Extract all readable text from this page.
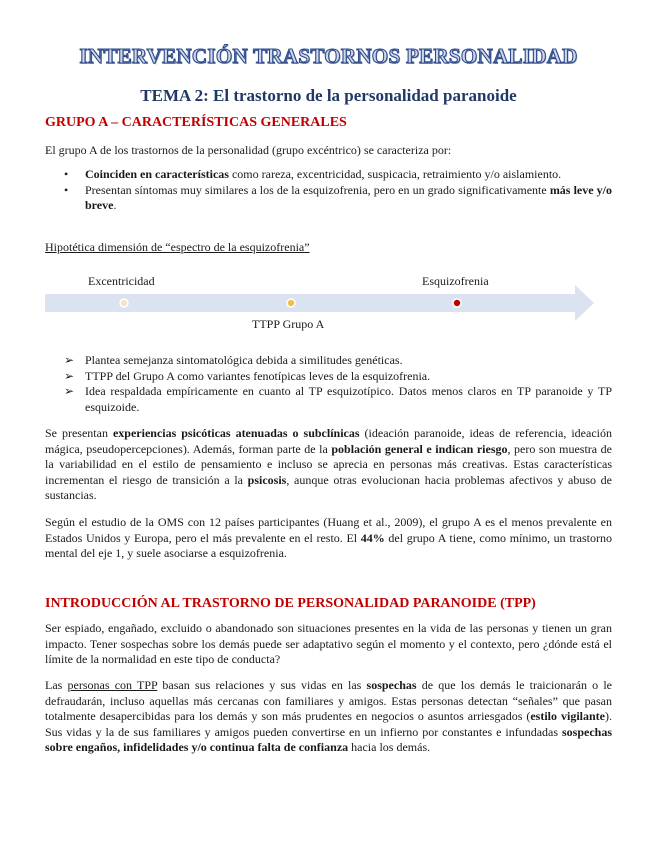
INTERVENCIÓN TRASTORNOS PERSONALIDAD
TEMA 2: El trastorno de la personalidad paranoide
GRUPO A – CARACTERÍSTICAS GENERALES

El grupo A de los trastornos de la personalidad (grupo excéntrico) se caracteriza por:

• Coinciden en características como rareza, excentricidad, suspicacia, retraimiento y/o aislamiento.
• Presentan síntomas muy similares a los de la esquizofrenia, pero en un grado significativamente más leve y/o breve.

Hipotética dimensión de “espectro de la esquizofrenia”

Excentricidad	Esquizofrenia
TTPP Grupo A
➢ Plantea semejanza sintomatológica debida a similitudes genéticas.
➢ TTPP del Grupo A como variantes fenotípicas leves de la esquizofrenia.
➢ Idea respaldada empíricamente en cuanto al TP esquizotípico. Datos menos claros en TP paranoide y TP esquizoide.

Se presentan experiencias psicóticas atenuadas o subclínicas (ideación paranoide, ideas de referencia, ideación mágica, pseudopercepciones). Además, forman parte de la población general e indican riesgo, pero son muestra de la variabilidad en el estilo de pensamiento e incluso se aprecia en personas más creativas. Estas características incrementan el riesgo de transición a la psicosis, aunque otras evolucionan hacia problemas afectivos y abuso de sustancias.

Según el estudio de la OMS con 12 países participantes (Huang et al., 2009), el grupo A es el menos prevalente en Estados Unidos y Europa, pero el más prevalente en el resto. El 44% del grupo A tiene, como mínimo, un trastorno mental del eje 1, y suele asociarse a esquizofrenia.

INTRODUCCIÓN AL TRASTORNO DE PERSONALIDAD PARANOIDE (TPP)

Ser espiado, engañado, excluido o abandonado son situaciones presentes en la vida de las personas y tienen un gran impacto. Tener sospechas sobre los demás puede ser adaptativo según el momento y el contexto, pero ¿dónde está el límite de la normalidad en este tipo de conducta?

Las personas con TPP basan sus relaciones y sus vidas en las sospechas de que los demás le traicionarán o le defraudarán, incluso aquellas más cercanas con familiares y amigos. Estas personas detectan “señales” que pasan totalmente desapercibidas para los demás y son más prudentes en negocios o asuntos arriesgados (estilo vigilante). Sus vidas y la de sus familiares y amigos pueden convertirse en un infierno por constantes e infundadas sospechas sobre engaños, infidelidades y/o continua falta de confianza hacia los demás.
